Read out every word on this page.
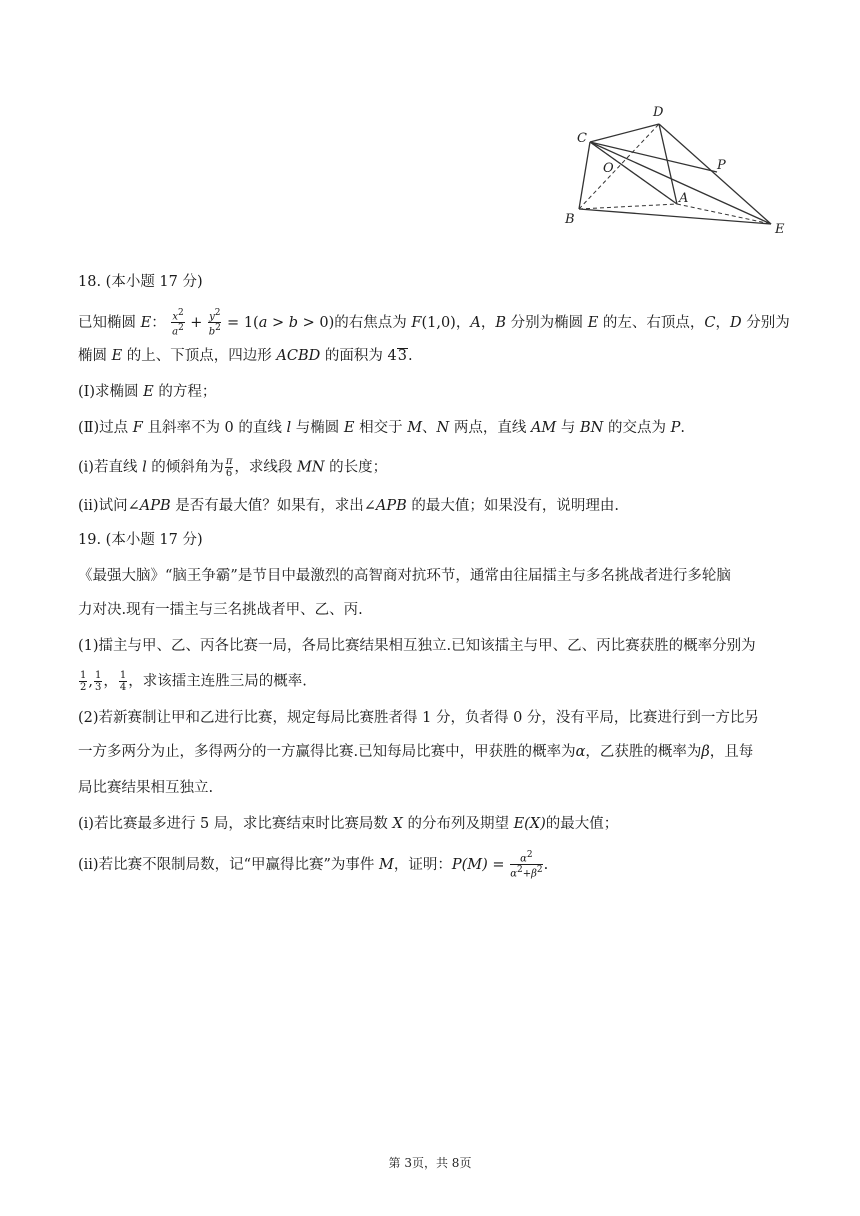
C
D
O	P
A
B
E
18. (本小题 17 分)
已知椭圆 E： $\frac{x^2}{a^2} + \frac{y^2}{b^2} = 1(a > b > 0)$的右焦点为 F(1,0)，A，B 分别为椭圆 E 的左、右顶点，C，D 分别为
椭圆 E 的上、下顶点，四边形 ACBD 的面积为 43.
(Ⅰ)求椭圆 E 的方程；
(Ⅱ)过点 F 且斜率不为 0 的直线 l 与椭圆 E 相交于 M、N 两点，直线 AM 与 BN 的交点为 P.
(i)若直线 l 的倾斜角为 $\frac{\pi}{6}$ ，求线段 MN 的长度；
(ii)试问∠APB 是否有最大值？如果有，求出∠APB 的最大值；如果没有，说明理由.
19. (本小题 17 分)
《最强大脑》“脑王争霸”是节目中最激烈的高智商对抗环节，通常由往届擂主与多名挑战者进行多轮脑
力对决.现有一擂主与三名挑战者甲、乙、丙.
(1)擂主与甲、乙、丙各比赛一局，各局比赛结果相互独立.已知该擂主与甲、乙、丙比赛获胜的概率分别为
$\frac{1}{2}$ , $\frac{1}{3}$ ， $\frac{1}{4}$ ，求该擂主连胜三局的概率.
(2)若新赛制让甲和乙进行比赛，规定每局比赛胜者得 1 分，负者得 0 分，没有平局，比赛进行到一方比另
一方多两分为止，多得两分的一方赢得比赛.已知每局比赛中，甲获胜的概率为α，乙获胜的概率为β，且每
局比赛结果相互独立.
(i)若比赛最多进行 5 局，求比赛结束时比赛局数 X 的分布列及期望 E(X)的最大值；
(ii)若比赛不限制局数，记“甲赢得比赛”为事件 M，证明：$P(M) = \frac{\alpha^2}{\alpha^2+\beta^2}$ .
第 3页，共 8页
